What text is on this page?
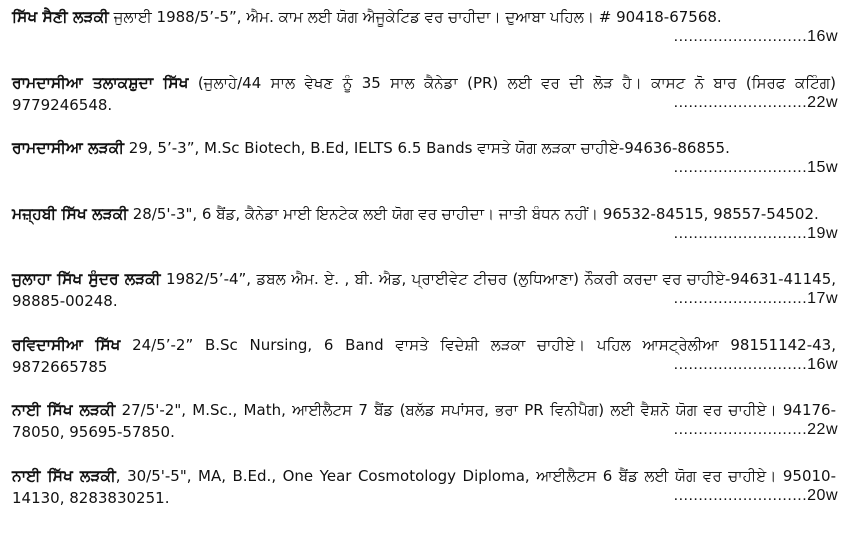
ਸਿੱਖ ਸੈਣੀ ਲੜਕੀ ਜੁਲਾਈ 1988/5’-5”, ਐਮ. ਕਾਮ ਲਈ ਯੋਗ ਐਜੂਕੇਟਿਡ ਵਰ ਚਾਹੀਦਾ। ਦੁਆਬਾ ਪਹਿਲ। # 90418-67568.
...........................16w
ਰਾਮਦਾਸੀਆ ਤਲਾਕਸ਼ੁਦਾ ਸਿੱਖ (ਜੁਲਾਹੇ/44 ਸਾਲ ਵੇਖਣ ਨੂੰ 35 ਸਾਲ ਕੈਨੇਡਾ (PR) ਲਈ ਵਰ ਦੀ ਲੋੜ ਹੈ। ਕਾਸਟ ਨੋ ਬਾਰ (ਸਿਰਫ ਕਟਿੰਗ) 9779246548.	...........................22w
ਰਾਮਦਾਸੀਆ ਲੜਕੀ 29, 5’-3”, M.Sc Biotech, B.Ed, IELTS 6.5 Bands ਵਾਸਤੇ ਯੋਗ ਲੜਕਾ ਚਾਹੀਏ-94636-86855.
...........................15w
ਮਜ਼੍ਹਬੀ ਸਿੱਖ ਲੜਕੀ 28/5'-3", 6 ਬੈਂਡ, ਕੈਨੇਡਾ ਮਾਈ ਇਨਟੇਕ ਲਈ ਯੋਗ ਵਰ ਚਾਹੀਦਾ। ਜਾਤੀ ਬੰਧਨ ਨਹੀਂ। 96532-84515, 98557-54502.
...........................19w
ਜੁਲਾਹਾ ਸਿੱਖ ਸੁੰਦਰ ਲੜਕੀ 1982/5’-4”, ਡਬਲ ਐਮ. ਏ. , ਬੀ. ਐਡ, ਪ੍ਰਾਈਵੇਟ ਟੀਚਰ (ਲੁਧਿਆਣਾ) ਨੌਕਰੀ ਕਰਦਾ ਵਰ ਚਾਹੀਏ-94631-41145, 98885-00248.	...........................17w
ਰਵਿਦਾਸੀਆ ਸਿੱਖ 24/5’-2” B.Sc Nursing, 6 Band ਵਾਸਤੇ ਵਿਦੇਸ਼ੀ ਲੜਕਾ ਚਾਹੀਏ। ਪਹਿਲ ਆਸਟ੍ਰੇਲੀਆ 98151142-43, 9872665785	...........................16w
ਨਾਈ ਸਿੱਖ ਲੜਕੀ 27/5'-2", M.Sc., Math, ਆਈਲੈਟਸ 7 ਬੈਂਡ (ਬਲੱਡ ਸਪਾਂਸਰ, ਭਰਾ PR ਵਿਨੀਪੈਗ) ਲਈ ਵੈਸ਼ਨੋ ਯੋਗ ਵਰ ਚਾਹੀਏ। 94176-78050, 95695-57850.	...........................22w
ਨਾਈ ਸਿੱਖ ਲੜਕੀ, 30/5'-5", MA, B.Ed., One Year Cosmotology Diploma, ਆਈਲੈਟਸ 6 ਬੈਂਡ ਲਈ ਯੋਗ ਵਰ ਚਾਹੀਏ। 95010-14130, 8283830251.	...........................20w
